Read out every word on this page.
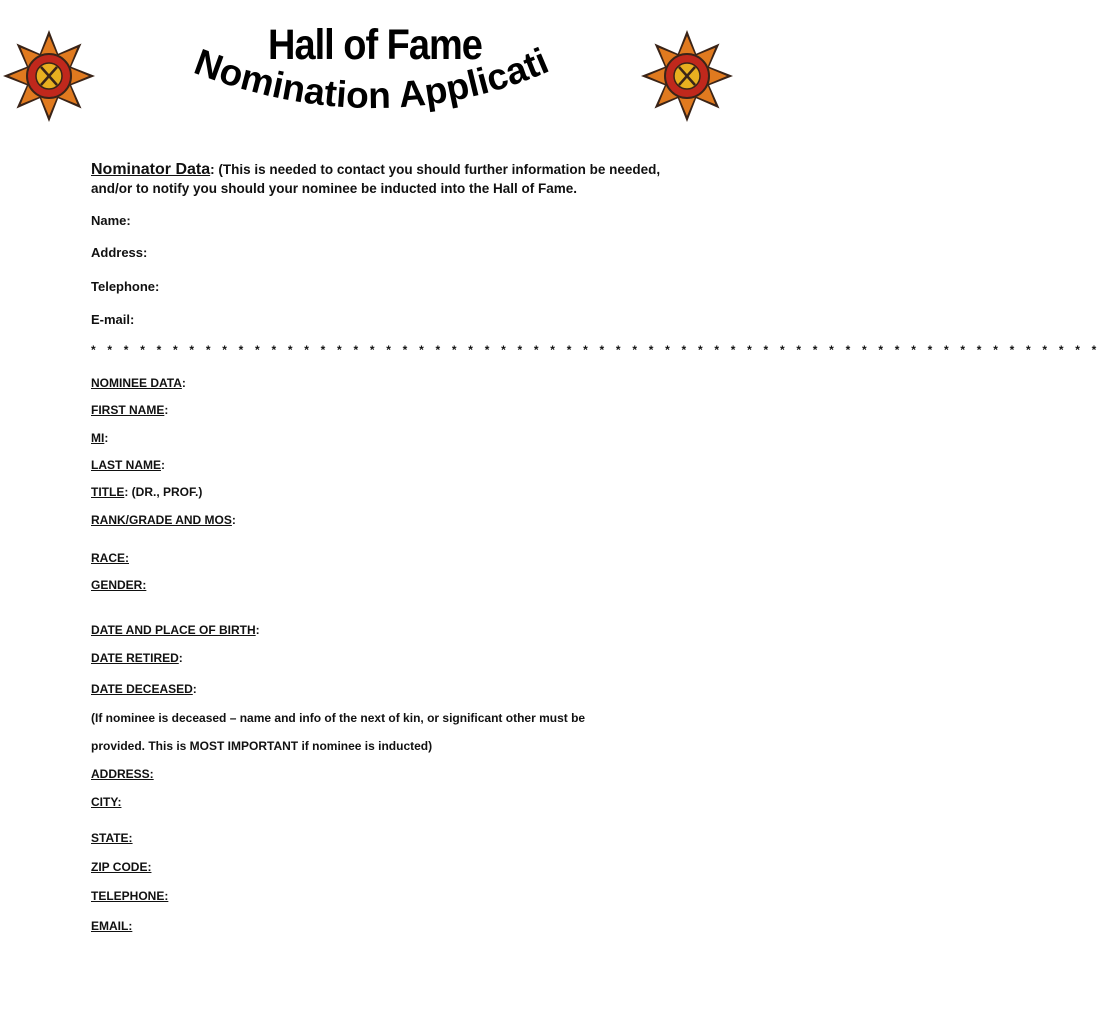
Hall of Fame
Nomination Application
Nominator Data: (This is needed to contact you should further information be needed, and/or to notify you should your nominee be inducted into the Hall of Fame.
Name:
Address:
Telephone:
E-mail:
* * * * * * * * * * * * * * * * * * * * * * * * * * * * * * * * * * * * * * * * * * * * * * * * * * * * * * * * * * * * * *
NOMINEE DATA:
FIRST NAME:
MI:
LAST NAME:
TITLE: (DR., PROF.)
RANK/GRADE AND MOS:
RACE:
GENDER:
DATE AND PLACE OF BIRTH:
DATE RETIRED:
DATE DECEASED:
(If nominee is deceased – name and info of the next of kin, or significant other must be
provided. This is MOST IMPORTANT if nominee is inducted)
ADDRESS:
CITY:
STATE:
ZIP CODE:
TELEPHONE:
EMAIL:
